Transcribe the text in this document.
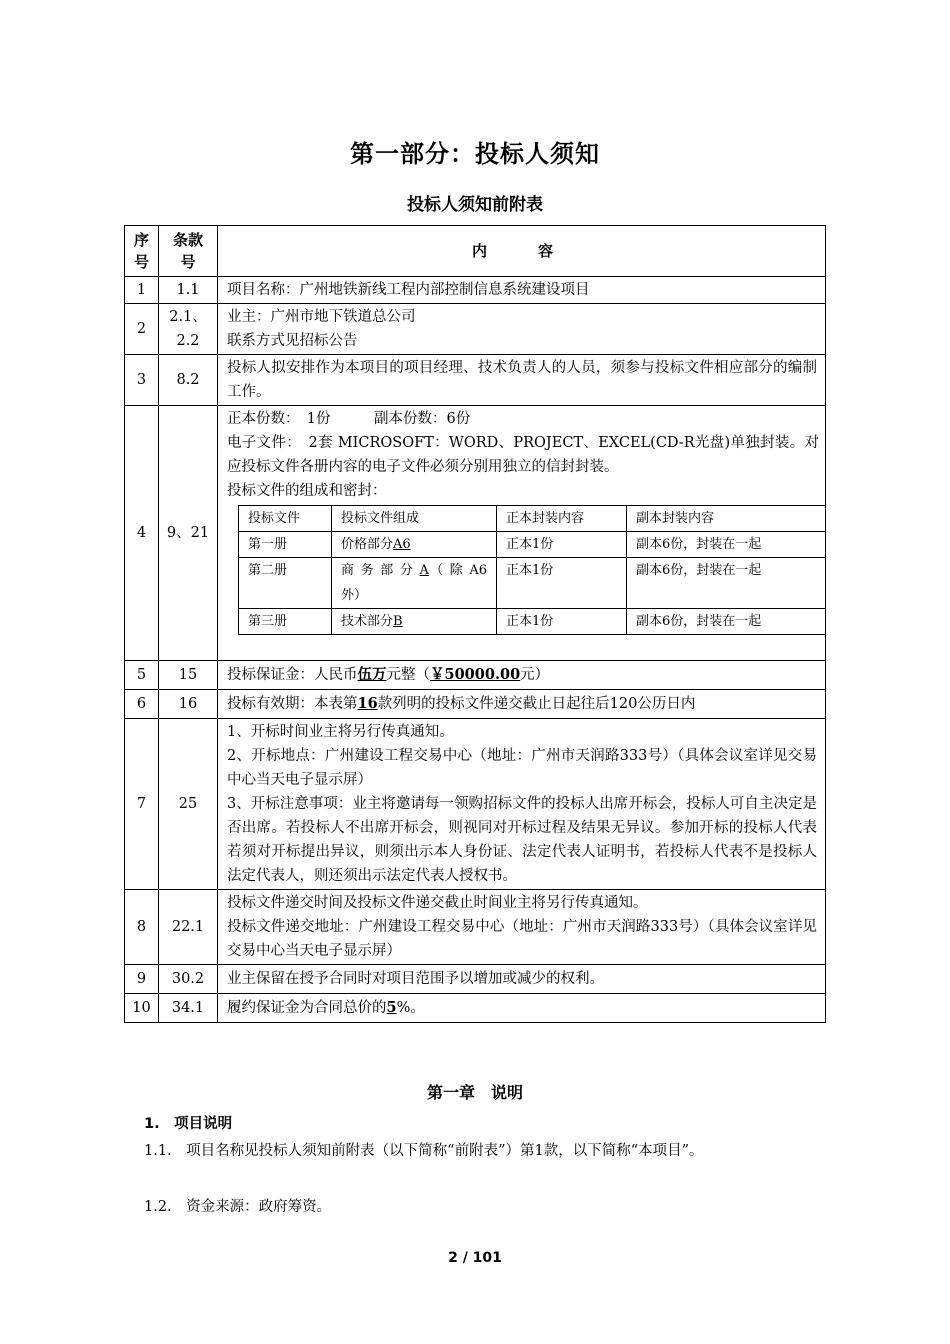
第一部分：投标人须知
投标人须知前附表
序号	条款号	内　容
1	1.1	项目名称：广州地铁新线工程内部控制信息系统建设项目

2	2.1、2.2	
业主：广州市地下铁道总公司
联系方式见招标公告

3	8.2	
投标人拟安排作为本项目的项目经理、技术负责人的人员，须参与投标文件相应部分的编制工作。

4	9、21	
正本份数：　1份　　　副本份数：6份
电子文件：　2套 MICROSOFT：WORD、PROJECT、EXCEL(CD-R光盘)单独封装。对应投标文件各册内容的电子文件必须分别用独立的信封封装。
投标文件的组成和密封：
投标文件	投标文件组成	正本封装内容	副本封装内容
第一册	价格部分A6	正本1份	副本6份，封装在一起
第二册	商 务 部 分 A（ 除 A6外）	正本1份	副本6份，封装在一起
第三册	技术部分B	正本1份	副本6份，封装在一起

5	15	投标保证金：人民币伍万元整（￥50000.00元）
6	16	投标有效期：本表第16款列明的投标文件递交截止日起往后120公历日内
7	25	
1、开标时间业主将另行传真通知。
2、开标地点：广州建设工程交易中心（地址：广州市天润路333号）（具体会议室详见交易中心当天电子显示屏）
3、开标注意事项：业主将邀请每一领购招标文件的投标人出席开标会，投标人可自主决定是否出席。若投标人不出席开标会，则视同对开标过程及结果无异议。参加开标的投标人代表若须对开标提出异议，则须出示本人身份证、法定代表人证明书，若投标人代表不是投标人法定代表人，则还须出示法定代表人授权书。

8	22.1	
投标文件递交时间及投标文件递交截止时间业主将另行传真通知。
投标文件递交地址：广州建设工程交易中心（地址：广州市天润路333号）（具体会议室详见交易中心当天电子显示屏）

9	30.2	业主保留在授予合同时对项目范围予以增加或减少的权利。

10	34.1	履约保证金为合同总价的5%。
第一章　说明
1.　项目说明
1.1.　项目名称见投标人须知前附表（以下简称“前附表”）第1款，以下简称“本项目”。
1.2.　资金来源：政府筹资。
2 / 101
